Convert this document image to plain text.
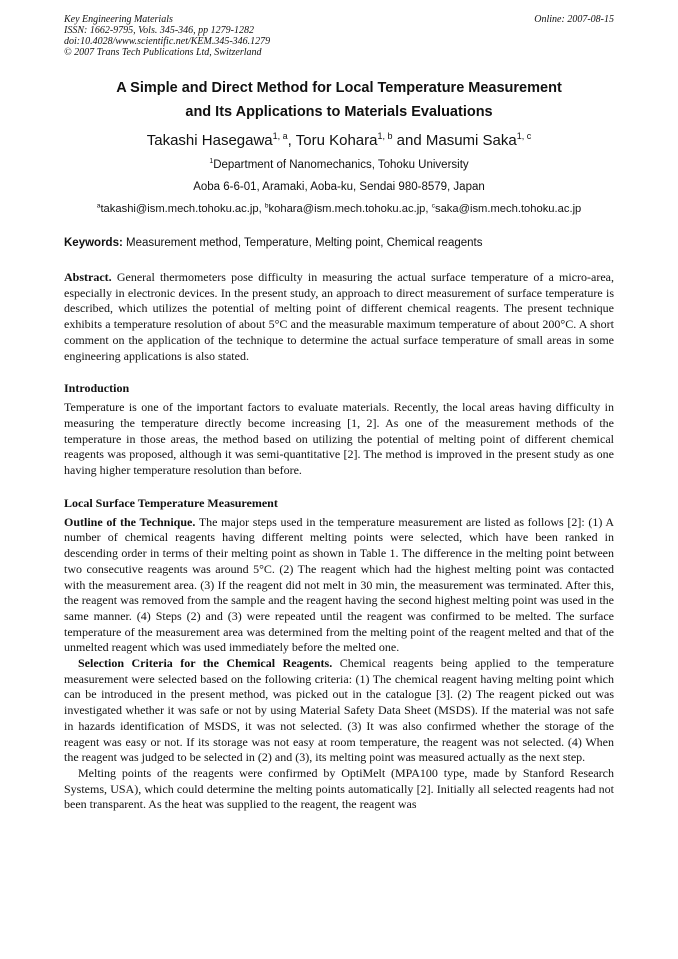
Key Engineering Materials
ISSN: 1662-9795, Vols. 345-346, pp 1279-1282
doi:10.4028/www.scientific.net/KEM.345-346.1279
© 2007 Trans Tech Publications Ltd, Switzerland
Online: 2007-08-15
A Simple and Direct Method for Local Temperature Measurement
and Its Applications to Materials Evaluations
Takashi Hasegawa$^{1, a}$, Toru Kohara$^{1, b}$ and Masumi Saka$^{1, c}$
$^1$Department of Nanomechanics, Tohoku University
Aoba 6-6-01, Aramaki, Aoba-ku, Sendai 980-8579, Japan
$^a$takashi@ism.mech.tohoku.ac.jp, $^b$kohara@ism.mech.tohoku.ac.jp, $^c$saka@ism.mech.tohoku.ac.jp
Keywords: Measurement method, Temperature, Melting point, Chemical reagents

Abstract. General thermometers pose difficulty in measuring the actual surface temperature of a micro-area, especially in electronic devices. In the present study, an approach to direct measurement of surface temperature is described, which utilizes the potential of melting point of different chemical reagents. The present technique exhibits a temperature resolution of about 5°C and the measurable maximum temperature of about 200°C. A short comment on the application of the technique to determine the actual surface temperature of small areas in some engineering applications is also stated.

Introduction

Temperature is one of the important factors to evaluate materials. Recently, the local areas having difficulty in measuring the temperature directly become increasing [1, 2]. As one of the measurement methods of the temperature in those areas, the method based on utilizing the potential of melting point of different chemical reagents was proposed, although it was semi-quantitative [2]. The method is improved in the present study as one having higher temperature resolution than before.

Local Surface Temperature Measurement

Outline of the Technique. The major steps used in the temperature measurement are listed as follows [2]: (1) A number of chemical reagents having different melting points were selected, which have been ranked in descending order in terms of their melting point as shown in Table 1. The difference in the melting point between two consecutive reagents was around 5°C. (2) The reagent which had the highest melting point was contacted with the measurement area. (3) If the reagent did not melt in 30 min, the measurement was terminated. After this, the reagent was removed from the sample and the reagent having the second highest melting point was used in the same manner. (4) Steps (2) and (3) were repeated until the reagent was confirmed to be melted. The surface temperature of the measurement area was determined from the melting point of the reagent melted and that of the unmelted reagent which was used immediately before the melted one.

Selection Criteria for the Chemical Reagents. Chemical reagents being applied to the temperature measurement were selected based on the following criteria: (1) The chemical reagent having melting point which can be introduced in the present method, was picked out in the catalogue [3]. (2) The reagent picked out was investigated whether it was safe or not by using Material Safety Data Sheet (MSDS). If the material was not safe in hazards identification of MSDS, it was not selected. (3) It was also confirmed whether the storage of the reagent was easy or not. If its storage was not easy at room temperature, the reagent was not selected. (4) When the reagent was judged to be selected in (2) and (3), its melting point was measured actually as the next step.

Melting points of the reagents were confirmed by OptiMelt (MPA100 type, made by Stanford Research Systems, USA), which could determine the melting points automatically [2]. Initially all selected reagents had not been transparent. As the heat was supplied to the reagent, the reagent was
